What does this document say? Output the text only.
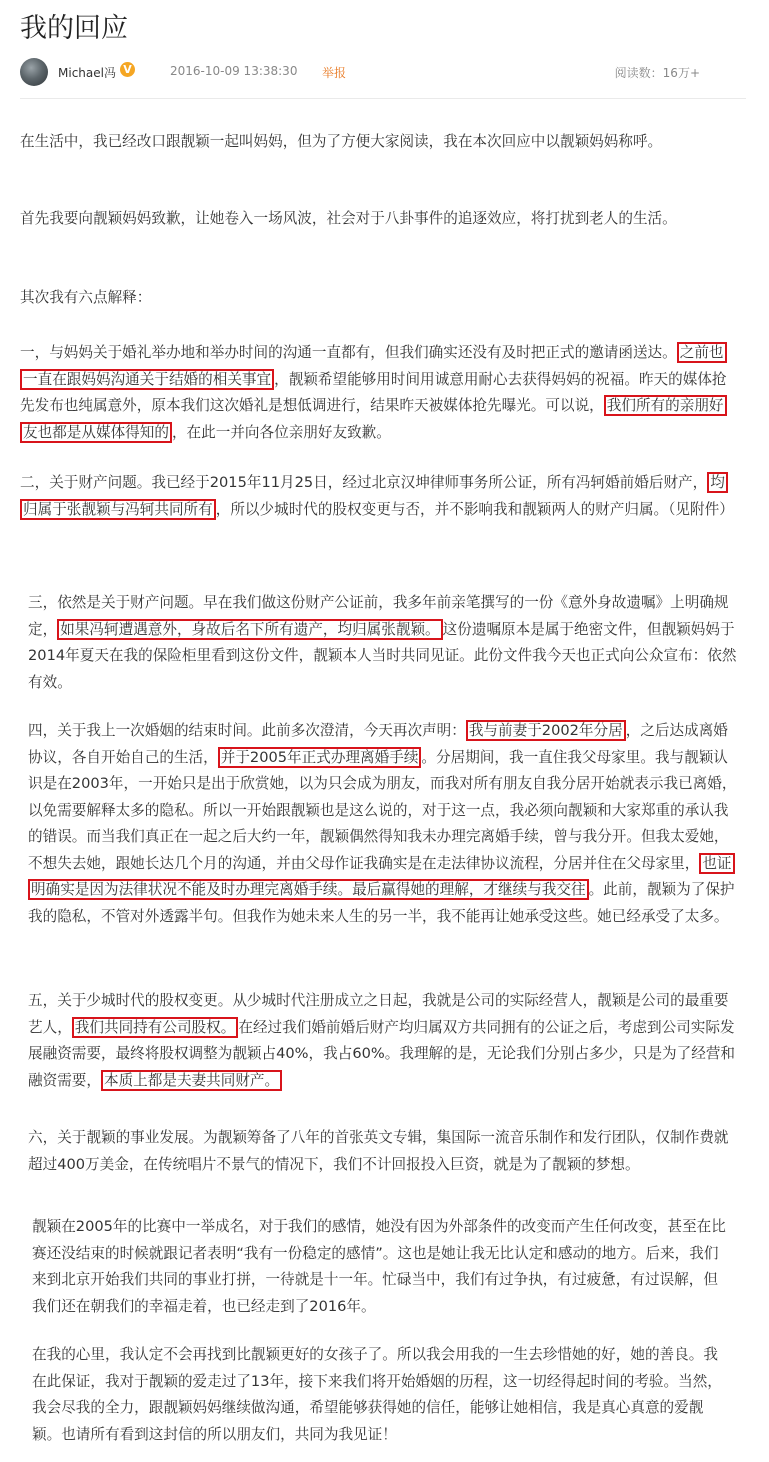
我的回应
Michael冯 V	2016-10-09 13:38:30 举报	阅读数：16万+

在生活中，我已经改口跟靓颖一起叫妈妈，但为了方便大家阅读，我在本次回应中以靓颖妈妈称呼。

首先我要向靓颖妈妈致歉，让她卷入一场风波，社会对于八卦事件的追逐效应，将打扰到老人的生活。

其次我有六点解释：

一，与妈妈关于婚礼举办地和举办时间的沟通一直都有，但我们确实还没有及时把正式的邀请函送达。 之前也一直在跟妈妈沟通关于结婚的相关事宜 ，靓颖希望能够用时间用诚意用耐心去获得妈妈的祝福。昨天的媒体抢先发布也纯属意外，原本我们这次婚礼是想低调进行，结果昨天被媒体抢先曝光。可以说， 我们所有的亲朋好友也都是从媒体得知的 ，在此一并向各位亲朋好友致歉。

二，关于财产问题。我已经于2015年11月25日，经过北京汉坤律师事务所公证，所有冯轲婚前婚后财产， 均归属于张靓颖与冯轲共同所有 ，所以少城时代的股权变更与否，并不影响我和靓颖两人的财产归属。（见附件）

三，依然是关于财产问题。早在我们做这份财产公证前，我多年前亲笔撰写的一份《意外身故遗嘱》上明确规定， 如果冯轲遭遇意外，身故后名下所有遗产，均归属张靓颖。 这份遗嘱原本是属于绝密文件，但靓颖妈妈于2014年夏天在我的保险柜里看到这份文件，靓颖本人当时共同见证。此份文件我今天也正式向公众宣布：依然有效。

四，关于我上一次婚姻的结束时间。此前多次澄清，今天再次声明： 我与前妻于2002年分居 ，之后达成离婚协议，各自开始自己的生活， 并于2005年正式办理离婚手续 。分居期间，我一直住我父母家里。我与靓颖认识是在2003年，一开始只是出于欣赏她，以为只会成为朋友，而我对所有朋友自我分居开始就表示我已离婚，以免需要解释太多的隐私。所以一开始跟靓颖也是这么说的，对于这一点，我必须向靓颖和大家郑重的承认我的错误。而当我们真正在一起之后大约一年，靓颖偶然得知我未办理完离婚手续，曾与我分开。但我太爱她，不想失去她，跟她长达几个月的沟通，并由父母作证我确实是在走法律协议流程，分居并住在父母家里， 也证明确实是因为法律状况不能及时办理完离婚手续。最后赢得她的理解，才继续与我交往 。此前，靓颖为了保护我的隐私，不管对外透露半句。但我作为她未来人生的另一半，我不能再让她承受这些。她已经承受了太多。

五，关于少城时代的股权变更。从少城时代注册成立之日起，我就是公司的实际经营人，靓颖是公司的最重要艺人， 我们共同持有公司股权。 在经过我们婚前婚后财产均归属双方共同拥有的公证之后，考虑到公司实际发展融资需要，最终将股权调整为靓颖占40%，我占60%。我理解的是，无论我们分别占多少，只是为了经营和融资需要， 本质上都是夫妻共同财产。

六，关于靓颖的事业发展。为靓颖筹备了八年的首张英文专辑，集国际一流音乐制作和发行团队，仅制作费就超过400万美金，在传统唱片不景气的情况下，我们不计回报投入巨资，就是为了靓颖的梦想。

靓颖在2005年的比赛中一举成名，对于我们的感情，她没有因为外部条件的改变而产生任何改变，甚至在比赛还没结束的时候就跟记者表明“我有一份稳定的感情”。这也是她让我无比认定和感动的地方。后来，我们来到北京开始我们共同的事业打拼，一待就是十一年。忙碌当中，我们有过争执，有过疲惫，有过误解，但我们还在朝我们的幸福走着，也已经走到了2016年。

在我的心里，我认定不会再找到比靓颖更好的女孩子了。所以我会用我的一生去珍惜她的好，她的善良。我在此保证，我对于靓颖的爱走过了13年，接下来我们将开始婚姻的历程，这一切经得起时间的考验。当然，我会尽我的全力，跟靓颖妈妈继续做沟通，希望能够获得她的信任，能够让她相信，我是真心真意的爱靓颖。也请所有看到这封信的所以朋友们，共同为我见证！
